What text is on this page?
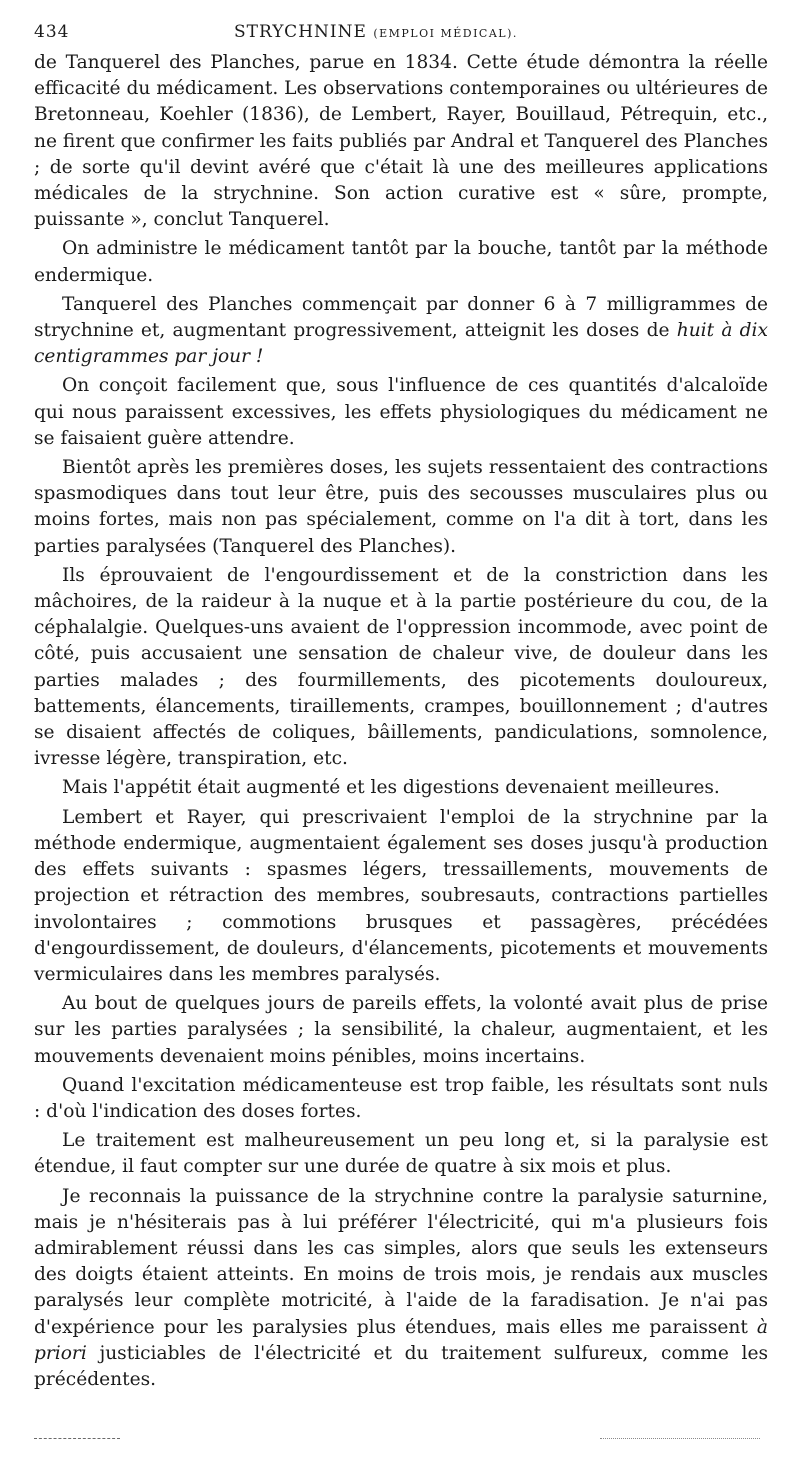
434	STRYCHNINE (EMPLOI MÉDICAL).

de Tanquerel des Planches, parue en 1834. Cette étude démontra la réelle efficacité du médicament. Les observations contemporaines ou ultérieures de Bretonneau, Koehler (1836), de Lembert, Rayer, Bouillaud, Pétrequin, etc., ne firent que confirmer les faits publiés par Andral et Tanquerel des Planches ; de sorte qu'il devint avéré que c'était là une des meilleures applications médicales de la strychnine. Son action curative est « sûre, prompte, puissante », conclut Tanquerel.

On administre le médicament tantôt par la bouche, tantôt par la méthode endermique.

Tanquerel des Planches commençait par donner 6 à 7 milligrammes de strychnine et, augmentant progressivement, atteignit les doses de huit à dix centigrammes par jour !

On conçoit facilement que, sous l'influence de ces quantités d'alcaloïde qui nous paraissent excessives, les effets physiologiques du médicament ne se faisaient guère attendre.

Bientôt après les premières doses, les sujets ressentaient des contractions spasmodiques dans tout leur être, puis des secousses musculaires plus ou moins fortes, mais non pas spécialement, comme on l'a dit à tort, dans les parties paralysées (Tanquerel des Planches).

Ils éprouvaient de l'engourdissement et de la constriction dans les mâchoires, de la raideur à la nuque et à la partie postérieure du cou, de la céphalalgie. Quelques-uns avaient de l'oppression incommode, avec point de côté, puis accusaient une sensation de chaleur vive, de douleur dans les parties malades ; des fourmillements, des picotements douloureux, battements, élancements, tiraillements, crampes, bouillonnement ; d'autres se disaient affectés de coliques, bâillements, pandiculations, somnolence, ivresse légère, transpiration, etc.

Mais l'appétit était augmenté et les digestions devenaient meilleures.

Lembert et Rayer, qui prescrivaient l'emploi de la strychnine par la méthode endermique, augmentaient également ses doses jusqu'à production des effets suivants : spasmes légers, tressaillements, mouvements de projection et rétraction des membres, soubresauts, contractions partielles involontaires ; commotions brusques et passagères, précédées d'engourdissement, de douleurs, d'élancements, picotements et mouvements vermiculaires dans les membres paralysés.

Au bout de quelques jours de pareils effets, la volonté avait plus de prise sur les parties paralysées ; la sensibilité, la chaleur, augmentaient, et les mouvements devenaient moins pénibles, moins incertains.

Quand l'excitation médicamenteuse est trop faible, les résultats sont nuls : d'où l'indication des doses fortes.

Le traitement est malheureusement un peu long et, si la paralysie est étendue, il faut compter sur une durée de quatre à six mois et plus.

Je reconnais la puissance de la strychnine contre la paralysie saturnine, mais je n'hésiterais pas à lui préférer l'électricité, qui m'a plusieurs fois admirablement réussi dans les cas simples, alors que seuls les extenseurs des doigts étaient atteints. En moins de trois mois, je rendais aux muscles paralysés leur complète motricité, à l'aide de la faradisation. Je n'ai pas d'expérience pour les paralysies plus étendues, mais elles me paraissent à priori justiciables de l'électricité et du traitement sulfureux, comme les précédentes.
